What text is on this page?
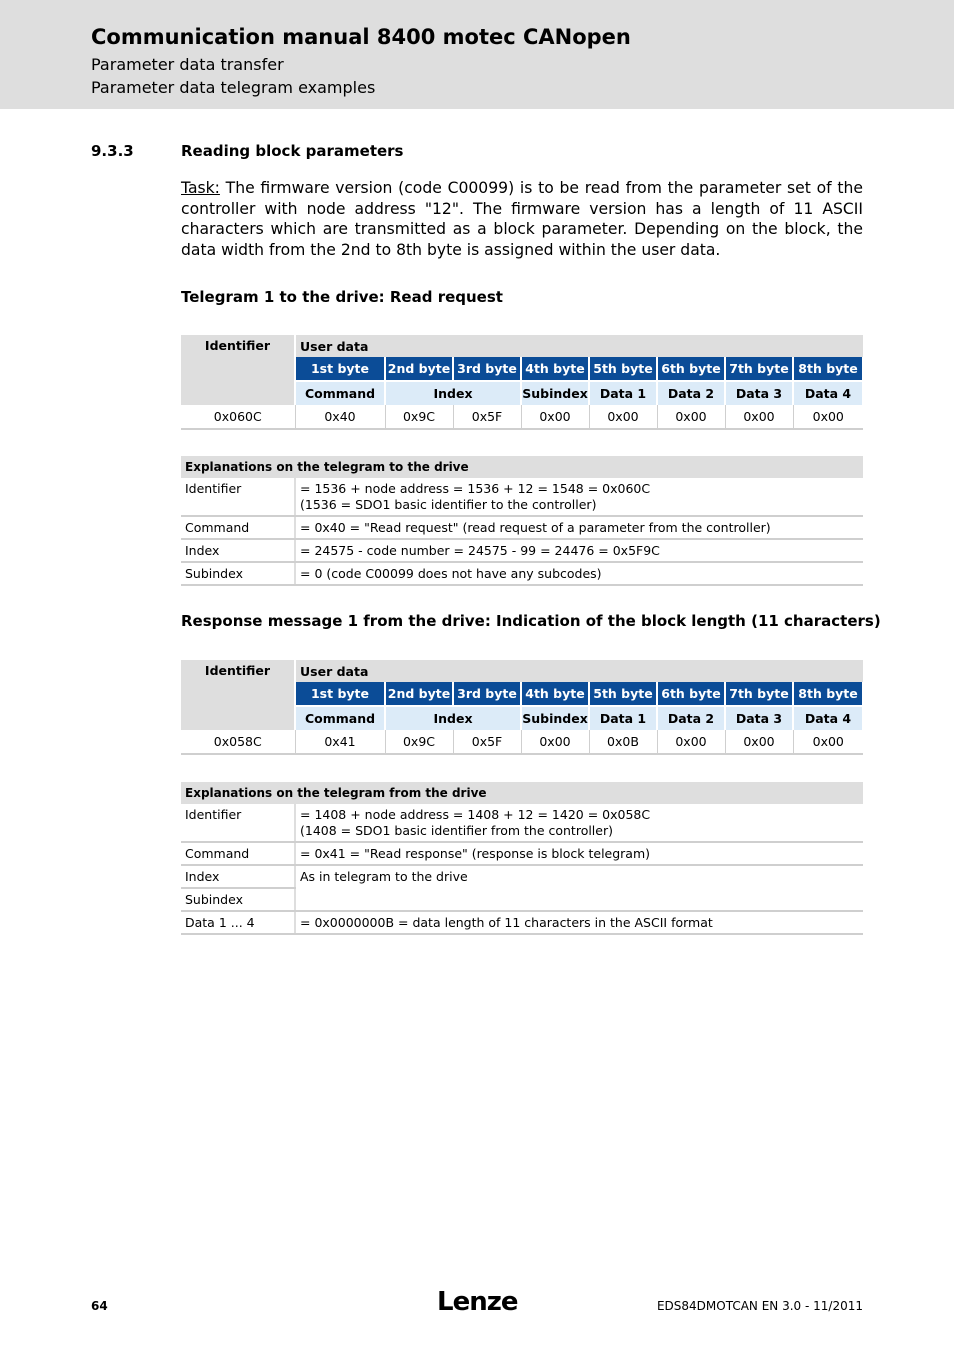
Communication manual 8400 motec CANopen
Parameter data transfer
Parameter data telegram examples
9.3.3	Reading block parameters
Task: The firmware version (code C00099) is to be read from the parameter set of the controller with node address "12". The firmware version has a length of 11 ASCII characters which are transmitted as a block parameter. Depending on the block, the data width from the 2nd to 8th byte is assigned within the user data.
Telegram 1 to the drive: Read request
Identifier	User data							
	1st byte	2nd byte	3rd byte	4th byte	5th byte	6th byte	7th byte	8th byte
	Command	Index		Subindex	Data 1	Data 2	Data 3	Data 4
0x060C	0x40	0x9C	0x5F	0x00	0x00	0x00	0x00	0x00
Explanations on the telegram to the drive	
Identifier	= 1536 + node address = 1536 + 12 = 1548 = 0x060C
(1536 = SDO1 basic identifier to the controller)

Command	= 0x40 = "Read request" (read request of a parameter from the controller)
Index	= 24575 - code number = 24575 - 99 = 24476 = 0x5F9C
Subindex	= 0 (code C00099 does not have any subcodes)
Response message 1 from the drive: Indication of the block length (11 characters)
Identifier	User data							
	1st byte	2nd byte	3rd byte	4th byte	5th byte	6th byte	7th byte	8th byte
	Command	Index		Subindex	Data 1	Data 2	Data 3	Data 4
0x058C	0x41	0x9C	0x5F	0x00	0x0B	0x00	0x00	0x00
Explanations on the telegram from the drive	
Identifier	= 1408 + node address = 1408 + 12 = 1420 = 0x058C
(1408 = SDO1 basic identifier from the controller)

Command	= 0x41 = "Read response" (response is block telegram)
Index	As in telegram to the drive
Subindex	
Data 1 ... 4	= 0x0000000B = data length of 11 characters in the ASCII format
64	Lenze	EDS84DMOTCAN EN 3.0 - 11/2011
